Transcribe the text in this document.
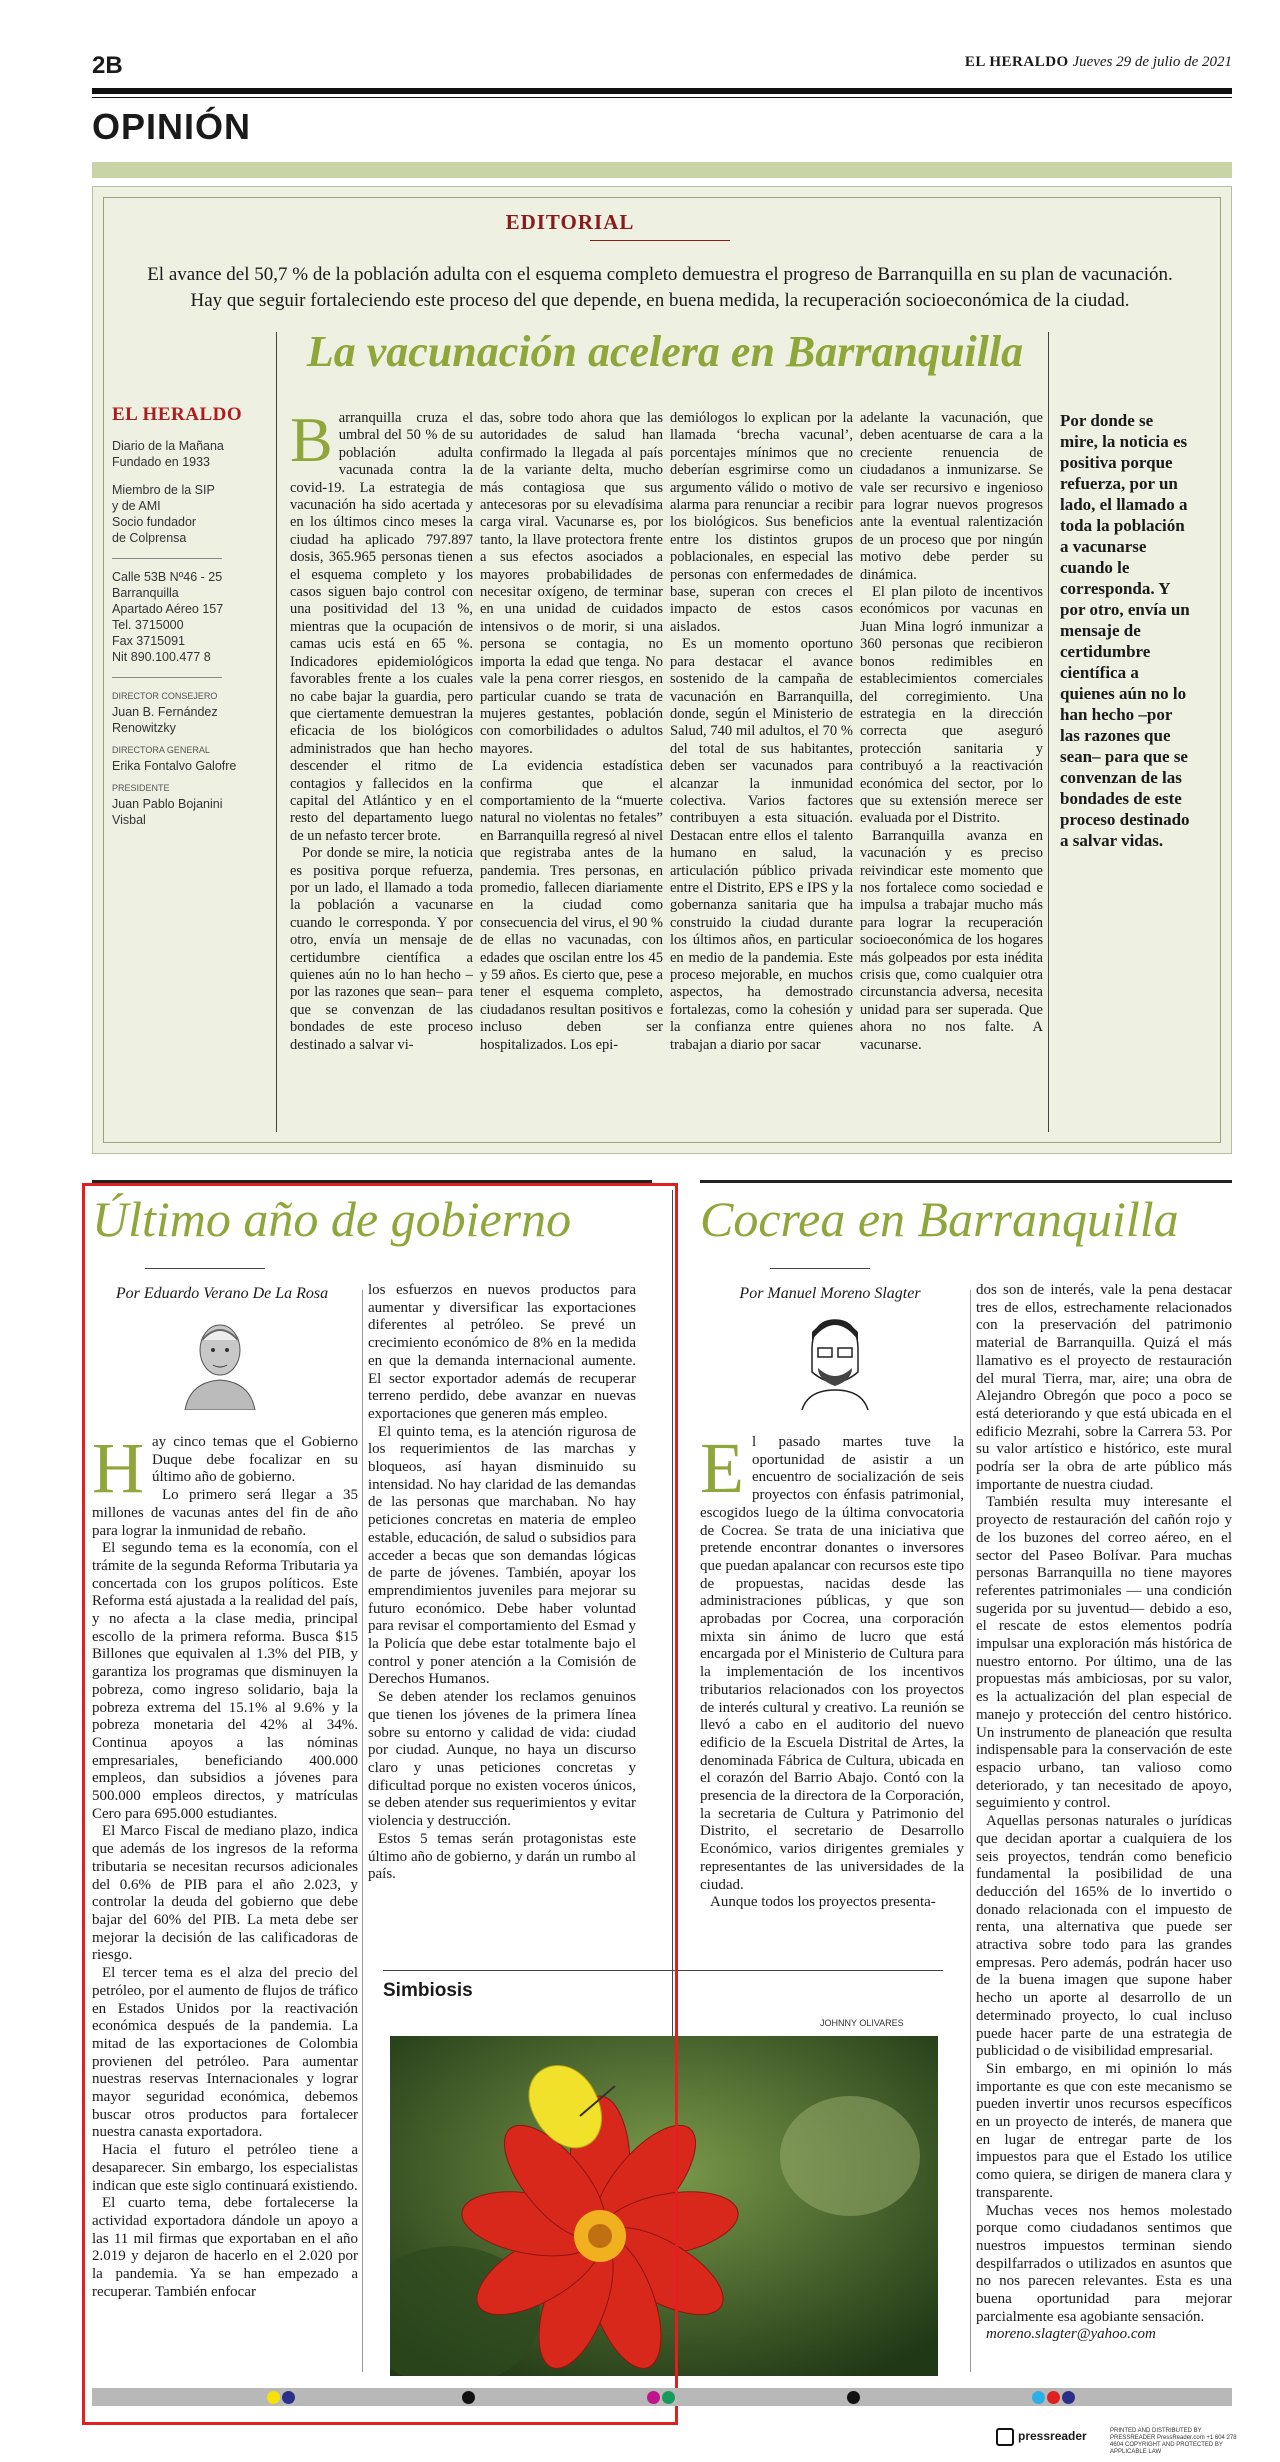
2B	EL HERALDO Jueves 29 de julio de 2021
OPINIÓN
EDITORIAL
El avance del 50,7 % de la población adulta con el esquema completo demuestra el progreso de Barranquilla en su plan de vacunación.
Hay que seguir fortaleciendo este proceso del que depende, en buena medida, la recuperación socioeconómica de la ciudad.
La vacunación acelera en Barranquilla
EL HERALDO
Diario de la Mañana
Fundado en 1933
Miembro de la SIP
y de AMI
Socio fundador
de Colprensa
Calle 53B Nº46 - 25
Barranquilla
Apartado Aéreo 157
Tel. 3715000
Fax 3715091
Nit 890.100.477 8
DIRECTOR CONSEJERO
Juan B. Fernández Renowitzky
DIRECTORA GENERAL
Erika Fontalvo Galofre
PRESIDENTE
Juan Pablo Bojanini Visbal
B arranquilla cruza el umbral del 50 % de su población adulta vacunada contra la covid-19. La estrategia de vacunación ha sido acertada y en los últimos cinco meses la ciudad ha aplicado 797.897 dosis, 365.965 personas tienen el esquema completo y los casos siguen bajo control con una positividad del 13 %, mientras que la ocupación de camas ucis está en 65 %. Indicadores epidemiológicos favorables frente a los cuales no cabe bajar la guardia, pero que ciertamente demuestran la eficacia de los biológicos administrados que han hecho descender el ritmo de contagios y fallecidos en la capital del Atlántico y en el resto del departamento luego de un nefasto tercer brote.

Por donde se mire, la noticia es positiva porque refuerza, por un lado, el llamado a toda la población a vacunarse cuando le corresponda. Y por otro, envía un mensaje de certidumbre científica a quienes aún no lo han hecho –por las razones que sean– para que se convenzan de las bondades de este proceso destinado a salvar vi-

das, sobre todo ahora que las autoridades de salud han confirmado la llegada al país de la variante delta, mucho más contagiosa que sus antecesoras por su elevadísima carga viral. Vacunarse es, por tanto, la llave protectora frente a sus efectos asociados a mayores probabilidades de necesitar oxígeno, de terminar en una unidad de cuidados intensivos o de morir, si una persona se contagia, no importa la edad que tenga. No vale la pena correr riesgos, en particular cuando se trata de mujeres gestantes, población con comorbilidades o adultos mayores.

La evidencia estadística confirma que el comportamiento de la “muerte natural no violentas no fetales” en Barranquilla regresó al nivel que registraba antes de la pandemia. Tres personas, en promedio, fallecen diariamente en la ciudad como consecuencia del virus, el 90 % de ellas no vacunadas, con edades que oscilan entre los 45 y 59 años. Es cierto que, pese a tener el esquema completo, ciudadanos resultan positivos e incluso deben ser hospitalizados. Los epi-

demiólogos lo explican por la llamada ‘brecha vacunal’, porcentajes mínimos que no deberían esgrimirse como un argumento válido o motivo de alarma para renunciar a recibir los biológicos. Sus beneficios entre los distintos grupos poblacionales, en especial las personas con enfermedades de base, superan con creces el impacto de estos casos aislados.

Es un momento oportuno para destacar el avance sostenido de la campaña de vacunación en Barranquilla, donde, según el Ministerio de Salud, 740 mil adultos, el 70 % del total de sus habitantes, deben ser vacunados para alcanzar la inmunidad colectiva. Varios factores contribuyen a esta situación. Destacan entre ellos el talento humano en salud, la articulación público privada entre el Distrito, EPS e IPS y la gobernanza sanitaria que ha construido la ciudad durante los últimos años, en particular en medio de la pandemia. Este proceso mejorable, en muchos aspectos, ha demostrado fortalezas, como la cohesión y la confianza entre quienes trabajan a diario por sacar

adelante la vacunación, que deben acentuarse de cara a la creciente renuencia de ciudadanos a inmunizarse. Se vale ser recursivo e ingenioso para lograr nuevos progresos ante la eventual ralentización de un proceso que por ningún motivo debe perder su dinámica.

El plan piloto de incentivos económicos por vacunas en Juan Mina logró inmunizar a 360 personas que recibieron bonos redimibles en establecimientos comerciales del corregimiento. Una estrategia en la dirección correcta que aseguró protección sanitaria y contribuyó a la reactivación económica del sector, por lo que su extensión merece ser evaluada por el Distrito.

Barranquilla avanza en vacunación y es preciso reivindicar este momento que nos fortalece como sociedad e impulsa a trabajar mucho más para lograr la recuperación socioeconómica de los hogares más golpeados por esta inédita crisis que, como cualquier otra circunstancia adversa, necesita unidad para ser superada. Que ahora no nos falte. A vacunarse.

Por donde se mire, la noticia es positiva porque refuerza, por un lado, el llamado a toda la población a vacunarse cuando le corresponda. Y por otro, envía un mensaje de certidumbre científica a quienes aún no lo han hecho –por las razones que sean– para que se convenzan de las bondades de este proceso destinado a salvar vidas.
Último año de gobierno
Por Eduardo Verano De La Rosa
H ay cinco temas que el Gobierno Duque debe focalizar en su último año de gobierno.

Lo primero será llegar a 35 millones de vacunas antes del fin de año para lograr la inmunidad de rebaño.

El segundo tema es la economía, con el trámite de la segunda Reforma Tributaria ya concertada con los grupos políticos. Este Reforma está ajustada a la realidad del país, y no afecta a la clase media, principal escollo de la primera reforma. Busca $15 Billones que equivalen al 1.3% del PIB, y garantiza los programas que disminuyen la pobreza, como ingreso solidario, baja la pobreza extrema del 15.1% al 9.6% y la pobreza monetaria del 42% al 34%. Continua apoyos a las nóminas empresariales, beneficiando 400.000 empleos, dan subsidios a jóvenes para 500.000 empleos directos, y matrículas Cero para 695.000 estudiantes.

El Marco Fiscal de mediano plazo, indica que además de los ingresos de la reforma tributaria se necesitan recursos adicionales del 0.6% de PIB para el año 2.023, y controlar la deuda del gobierno que debe bajar del 60% del PIB. La meta debe ser mejorar la decisión de las calificadoras de riesgo.

El tercer tema es el alza del precio del petróleo, por el aumento de flujos de tráfico en Estados Unidos por la reactivación económica después de la pandemia. La mitad de las exportaciones de Colombia provienen del petróleo. Para aumentar nuestras reservas Internacionales y lograr mayor seguridad económica, debemos buscar otros productos para fortalecer nuestra canasta exportadora.

Hacia el futuro el petróleo tiene a desaparecer. Sin embargo, los especialistas indican que este siglo continuará existiendo.

El cuarto tema, debe fortalecerse la actividad exportadora dándole un apoyo a las 11 mil firmas que exportaban en el año 2.019 y dejaron de hacerlo en el 2.020 por la pandemia. Ya se han empezado a recuperar. También enfocar

los esfuerzos en nuevos productos para aumentar y diversificar las exportaciones diferentes al petróleo. Se prevé un crecimiento económico de 8% en la medida en que la demanda internacional aumente. El sector exportador además de recuperar terreno perdido, debe avanzar en nuevas exportaciones que generen más empleo.

El quinto tema, es la atención rigurosa de los requerimientos de las marchas y bloqueos, así hayan disminuido su intensidad. No hay claridad de las demandas de las personas que marchaban. No hay peticiones concretas en materia de empleo estable, educación, de salud o subsidios para acceder a becas que son demandas lógicas de parte de jóvenes. También, apoyar los emprendimientos juveniles para mejorar su futuro económico. Debe haber voluntad para revisar el comportamiento del Esmad y la Policía que debe estar totalmente bajo el control y poner atención a la Comisión de Derechos Humanos.

Se deben atender los reclamos genuinos que tienen los jóvenes de la primera línea sobre su entorno y calidad de vida: ciudad por ciudad. Aunque, no haya un discurso claro y unas peticiones concretas y dificultad porque no existen voceros únicos, se deben atender sus requerimientos y evitar violencia y destrucción.

Estos 5 temas serán protagonistas este último año de gobierno, y darán un rumbo al país.

Simbiosis
JOHNNY OLIVARES
Cocrea en Barranquilla
Por Manuel Moreno Slagter
E l pasado martes tuve la oportunidad de asistir a un encuentro de socialización de seis proyectos con énfasis patrimonial, escogidos luego de la última convocatoria de Cocrea. Se trata de una iniciativa que pretende encontrar donantes o inversores que puedan apalancar con recursos este tipo de propuestas, nacidas desde las administraciones públicas, y que son aprobadas por Cocrea, una corporación mixta sin ánimo de lucro que está encargada por el Ministerio de Cultura para la implementación de los incentivos tributarios relacionados con los proyectos de interés cultural y creativo. La reunión se llevó a cabo en el auditorio del nuevo edificio de la Escuela Distrital de Artes, la denominada Fábrica de Cultura, ubicada en el corazón del Barrio Abajo. Contó con la presencia de la directora de la Corporación, la secretaria de Cultura y Patrimonio del Distrito, el secretario de Desarrollo Económico, varios dirigentes gremiales y representantes de las universidades de la ciudad.

Aunque todos los proyectos presenta-

dos son de interés, vale la pena destacar tres de ellos, estrechamente relacionados con la preservación del patrimonio material de Barranquilla. Quizá el más llamativo es el proyecto de restauración del mural Tierra, mar, aire; una obra de Alejandro Obregón que poco a poco se está deteriorando y que está ubicada en el edificio Mezrahi, sobre la Carrera 53. Por su valor artístico e histórico, este mural podría ser la obra de arte público más importante de nuestra ciudad.

También resulta muy interesante el proyecto de restauración del cañón rojo y de los buzones del correo aéreo, en el sector del Paseo Bolívar. Para muchas personas Barranquilla no tiene mayores referentes patrimoniales — una condición sugerida por su juventud— debido a eso, el rescate de estos elementos podría impulsar una exploración más histórica de nuestro entorno. Por último, una de las propuestas más ambiciosas, por su valor, es la actualización del plan especial de manejo y protección del centro histórico. Un instrumento de planeación que resulta indispensable para la conservación de este espacio urbano, tan valioso como deteriorado, y tan necesitado de apoyo, seguimiento y control.

Aquellas personas naturales o jurídicas que decidan aportar a cualquiera de los seis proyectos, tendrán como beneficio fundamental la posibilidad de una deducción del 165% de lo invertido o donado relacionada con el impuesto de renta, una alternativa que puede ser atractiva sobre todo para las grandes empresas. Pero además, podrán hacer uso de la buena imagen que supone haber hecho un aporte al desarrollo de un determinado proyecto, lo cual incluso puede hacer parte de una estrategia de publicidad o de visibilidad empresarial.

Sin embargo, en mi opinión lo más importante es que con este mecanismo se pueden invertir unos recursos específicos en un proyecto de interés, de manera que en lugar de entregar parte de los impuestos para que el Estado los utilice como quiera, se dirigen de manera clara y transparente.

Muchas veces nos hemos molestado porque como ciudadanos sentimos que nuestros impuestos terminan siendo despilfarrados o utilizados en asuntos que no nos parecen relevantes. Esta es una buena oportunidad para mejorar parcialmente esa agobiante sensación.

moreno.slagter@yahoo.com

pressreader	PRINTED AND DISTRIBUTED BY PRESSREADER PressReader.com +1 604 278 4604 COPYRIGHT AND PROTECTED BY APPLICABLE LAW
